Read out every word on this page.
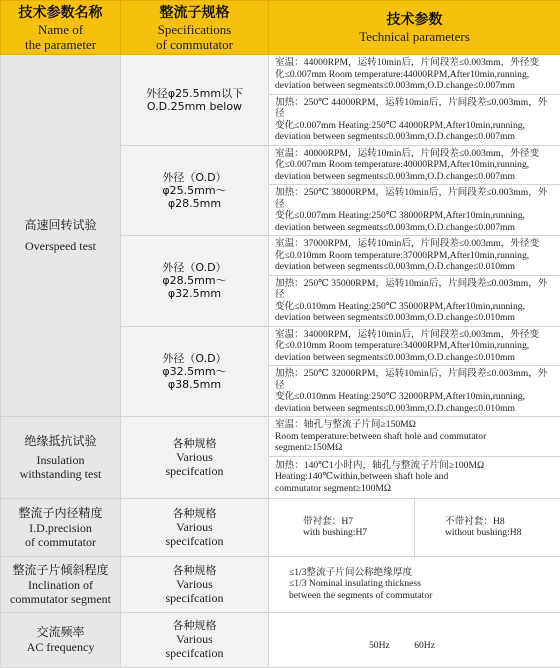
技术参数名称
Name of
the parameter	整流子规格
Specifications
of commutator	技术参数
Technical parameters	

高速回转试验
Overspeed test	外径φ25.5mm以下
O.D.25mm below	室温：44000RPM，运转10min后，片间段差≤0.003mm，外径变
化≤0.007mm Room temperature:44000RPM,After10min,running,
deviation between segments≤0.003mm,O.D.change≤0.007mm	

		加热：250℃ 44000RPM，运转10min后，片间段差≤0.003mm，外径
变化≤0.007mm Heating:250℃ 44000RPM,After10min,running,
deviation between segments≤0.003mm,O.D.change≤0.007mm	

	外径（O.D）
φ25.5mm～
φ28.5mm	室温：40000RPM，运转10min后，片间段差≤0.003mm，外径变
化≤0.007mm Room temperature:40000RPM,After10min,running,
deviation between segments≤0.003mm,O.D.change≤0.007mm	

		加热：250℃ 38000RPM，运转10min后，片间段差≤0.003mm，外径
变化≤0.007mm Heating:250℃ 38000RPM,After10min,running,
deviation between segments≤0.003mm,O.D.change≤0.007mm	

	外径（O.D）
φ28.5mm～
φ32.5mm	室温：37000RPM，运转10min后，片间段差≤0.003mm，外径变
化≤0.010mm Room temperature:37000RPM,After10min,running,
deviation between segments≤0.003mm,O.D.change≤0.010mm	

		加热：250℃ 35000RPM，运转10min后，片间段差≤0.003mm，外径
变化≤0.010mm Heating:250℃ 35000RPM,After10min,running,
deviation between segments≤0.003mm,O.D.change≤0.010mm	

	外径（O.D）
φ32.5mm～
φ38.5mm	室温：34000RPM，运转10min后，片间段差≤0.003mm，外径变
化≤0.010mm Room temperature:34000RPM,After10min,running,
deviation between segments≤0.003mm,O.D.change≤0.010mm	

		加热：250℃ 32000RPM，运转10min后，片间段差≤0.003mm，外径
变化≤0.010mm Heating:250℃ 32000RPM,After10min,running,
deviation between segments≤0.003mm,O.D.change≤0.010mm	

绝缘抵抗试验
Insulation
withstanding test	各种规格
Various
specifcation	室温：轴孔与整流子片间≥150MΩ
Room temperature:between shaft hole and commutator
segment≥150MΩ	

		加热：140℃1小时内，轴孔与整流子片间≥100MΩ
Heating:140℃within,between shaft hole and
commutator segment≥100MΩ	

整流子内径精度
I.D.precision
of commutator	各种规格
Various
specifcation	带衬套：H7
with bushing:H7	不带衬套：H8
without bushing:H8

整流子片倾斜程度
Inclination of
commutator segment	各种规格
Various
specifcation	≤1/3整流子片间公称绝缘厚度
≤1/3 Nominal insulating thickness
between the segments of commutator	

交流频率
AC frequency	各种规格
Various
specifcation	50Hz 60Hz	
